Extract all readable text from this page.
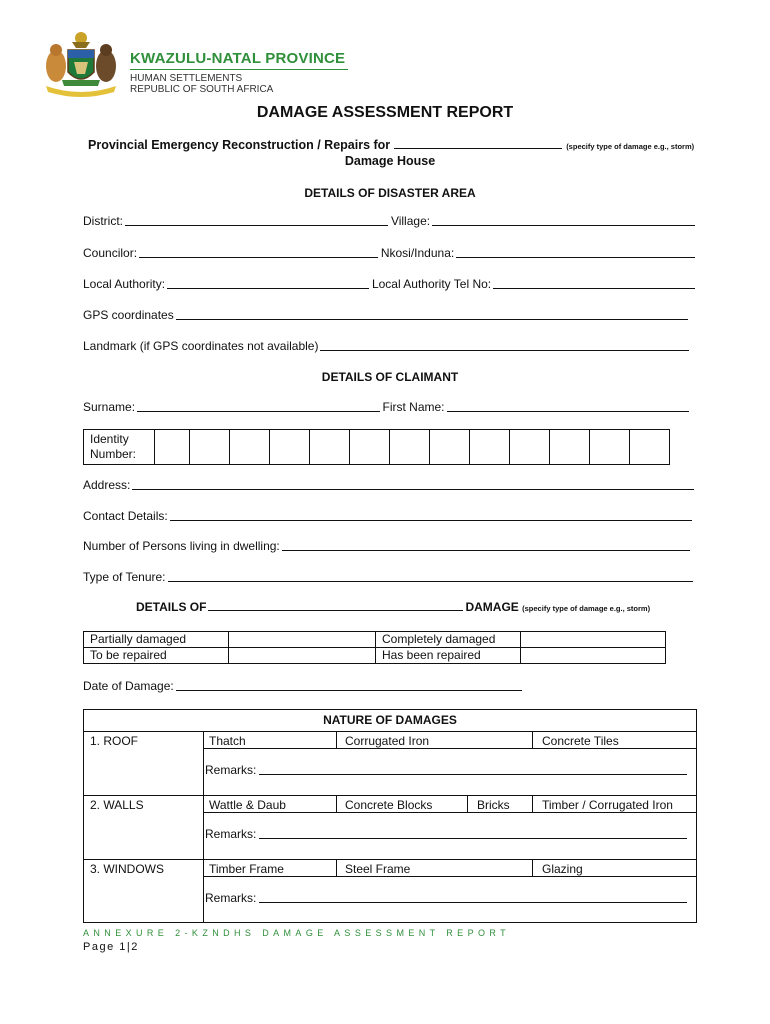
KWAZULU-NATAL PROVINCE
HUMAN SETTLEMENTS
REPUBLIC OF SOUTH AFRICA
DAMAGE ASSESSMENT REPORT
Provincial Emergency Reconstruction / Repairs for	(specify type of damage e.g., storm)
Damage House
DETAILS OF DISASTER AREA
District:	Village:
Councilor:	Nkosi/Induna:
Local Authority:	Local Authority Tel No:
GPS coordinates
Landmark (if GPS coordinates not available)
DETAILS OF CLAIMANT
Surname:	First Name:
Identity
Number:													
Address:
Contact Details:
Number of Persons living in dwelling:
Type of Tenure:
DETAILS OF	DAMAGE (specify type of damage e.g., storm)
Partially damaged		Completely damaged	
To be repaired		Has been repaired	
Date of Damage:
NATURE OF DAMAGES
1. ROOF	Thatch	Corrugated Iron	Concrete Tiles
Remarks:
2. WALLS	Wattle & Daub	Concrete Blocks	Bricks	Timber / Corrugated Iron
Remarks:
3. WINDOWS	Timber Frame	Steel Frame	Glazing
Remarks:
ANNEXURE 2-KZNDHS DAMAGE ASSESSMENT REPORT
Page 1|2
